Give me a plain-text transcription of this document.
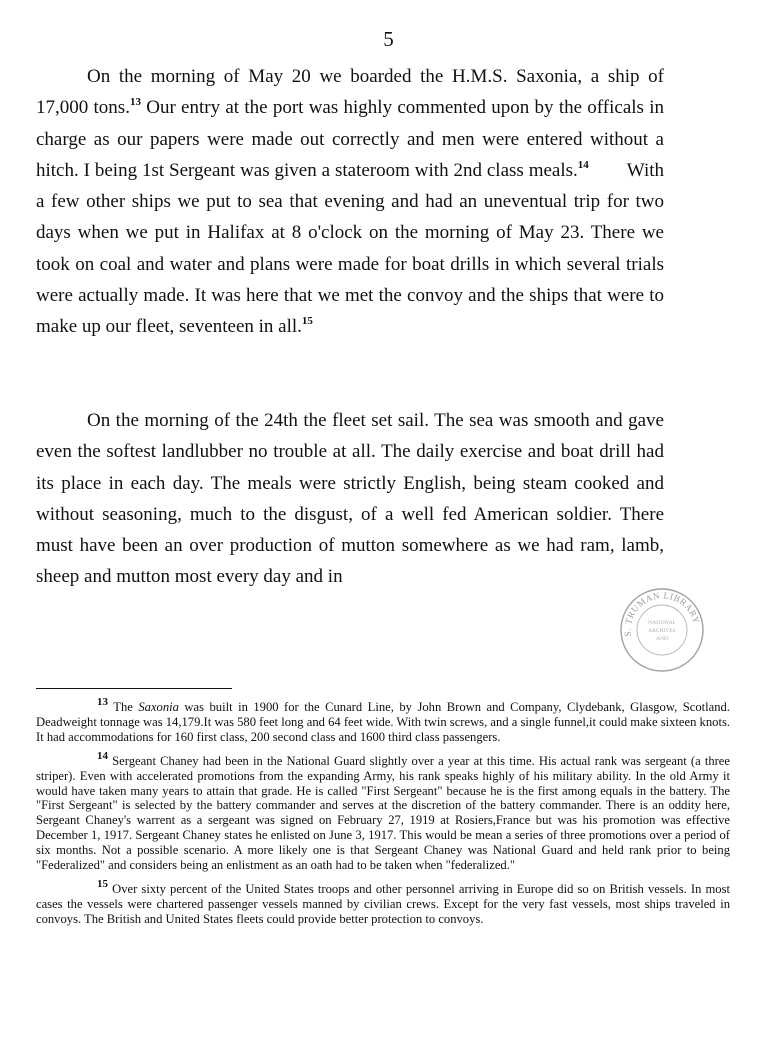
5

On the morning of May 20 we boarded the H.M.S. Saxonia, a ship of 17,000 tons.$^{13}$ Our entry at the port was highly commented upon by the officals in charge as our papers were made out correctly and men were entered without a hitch. I being 1st Sergeant was given a stateroom with 2nd class meals.$^{14}$  With a few other ships we put to sea that evening and had an uneventual trip for two days when we put in Halifax at 8 o'clock on the morning of May 23. There we took on coal and water and plans were made for boat drills in which several trials were actually made. It was here that we met the convoy and the ships that were to make up our fleet, seventeen in all.$^{15}$

On the morning of the 24th the fleet set sail. The sea was smooth and gave even the softest landlubber no trouble at all. The daily exercise and boat drill had its place in each day. The meals were strictly English, being steam cooked and without seasoning, much to the disgust, of a well fed American soldier. There must have been an over production of mutton somewhere as we had ram, lamb, sheep and mutton most every day and in

S. TRUMAN LIBRARY
NATIONAL
ARCHIVES
AND

$^{13}$ The Saxonia was built in 1900 for the Cunard Line, by John Brown and Company, Clydebank, Glasgow, Scotland. Deadweight tonnage was 14,179.It was 580 feet long and 64 feet wide. With twin screws, and a single funnel,it could make sixteen knots. It had accommodations for 160 first class, 200 second class and 1600 third class passengers.

$^{14}$ Sergeant Chaney had been in the National Guard slightly over a year at this time. His actual rank was sergeant (a three striper). Even with accelerated promotions from the expanding Army, his rank speaks highly of his military ability. In the old Army it would have taken many years to attain that grade. He is called "First Sergeant" because he is the first among equals in the battery. The "First Sergeant" is selected by the battery commander and serves at the discretion of the battery commander. There is an oddity here, Sergeant Chaney's warrent as a sergeant was signed on February 27, 1919 at Rosiers,France but was his promotion was effective December 1, 1917. Sergeant Chaney states he enlisted on June 3, 1917. This would be mean a series of three promotions over a period of six months. Not a possible scenario. A more likely one is that Sergeant Chaney was National Guard and held rank prior to being "Federalized" and considers being an enlistment as an oath had to be taken when "federalized."

$^{15}$ Over sixty percent of the United States troops and other personnel arriving in Europe did so on British vessels. In most cases the vessels were chartered passenger vessels manned by civilian crews. Except for the very fast vessels, most ships traveled in convoys. The British and United States fleets could provide better protection to convoys.
